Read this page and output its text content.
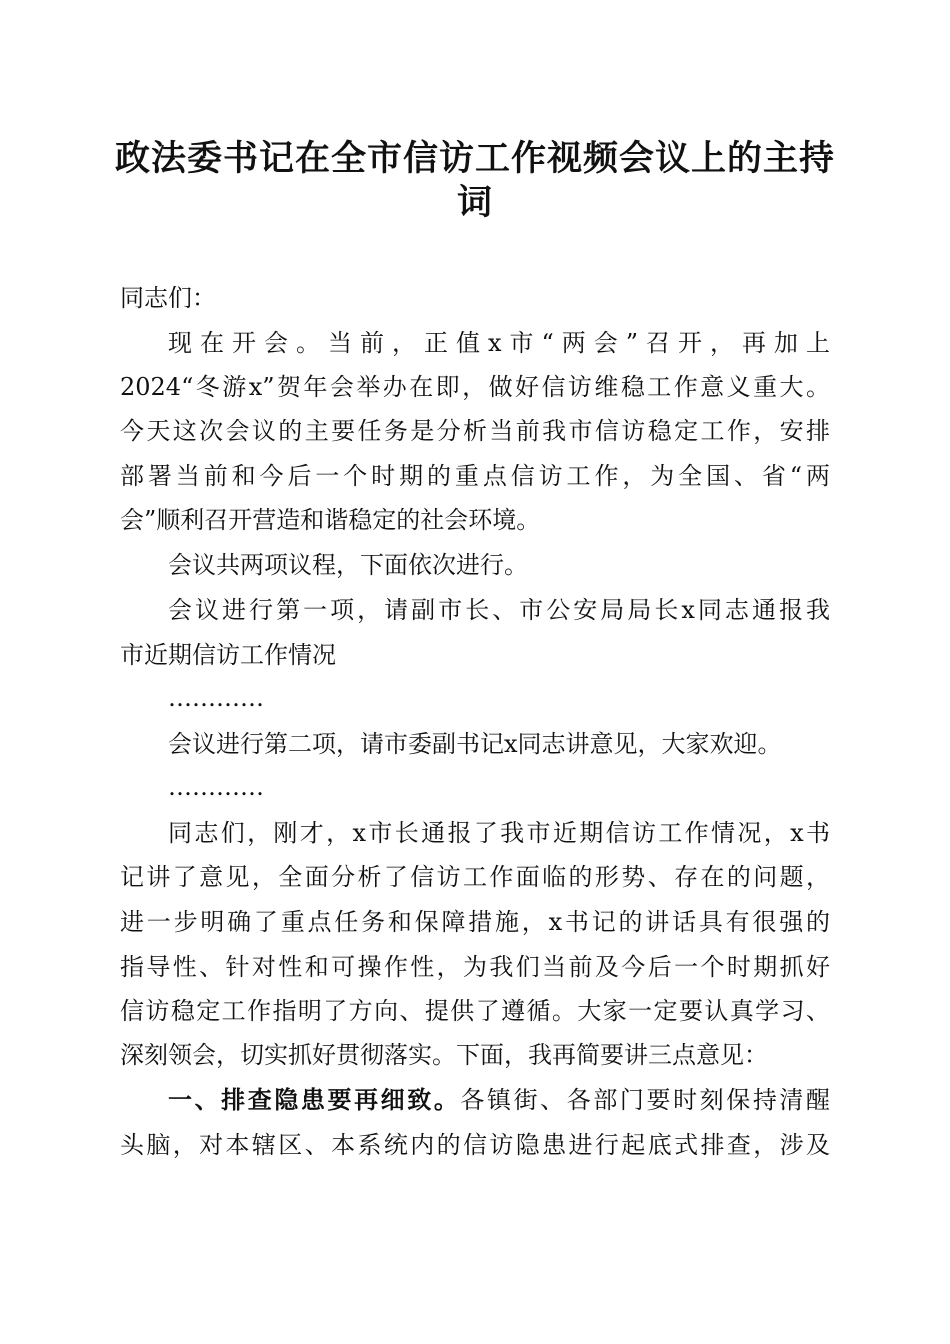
政法委书记在全市信访工作视频会议上的主持
词
同志们：
现在开会。当前，正值x市“两会”召开，再加上
2024“冬游x”贺年会举办在即，做好信访维稳工作意义重大。
今天这次会议的主要任务是分析当前我市信访稳定工作，安排
部署当前和今后一个时期的重点信访工作，为全国、省“两
会”顺利召开营造和谐稳定的社会环境。
会议共两项议程，下面依次进行。
会议进行第一项，请副市长、市公安局局长x同志通报我
市近期信访工作情况
…………
会议进行第二项，请市委副书记x同志讲意见，大家欢迎。
…………
同志们，刚才，x市长通报了我市近期信访工作情况，x书
记讲了意见，全面分析了信访工作面临的形势、存在的问题，
进一步明确了重点任务和保障措施，x书记的讲话具有很强的
指导性、针对性和可操作性，为我们当前及今后一个时期抓好
信访稳定工作指明了方向、提供了遵循。大家一定要认真学习、
深刻领会，切实抓好贯彻落实。下面，我再简要讲三点意见：
一、排查隐患要再细致。各镇街、各部门要时刻保持清醒
头脑，对本辖区、本系统内的信访隐患进行起底式排查，涉及
